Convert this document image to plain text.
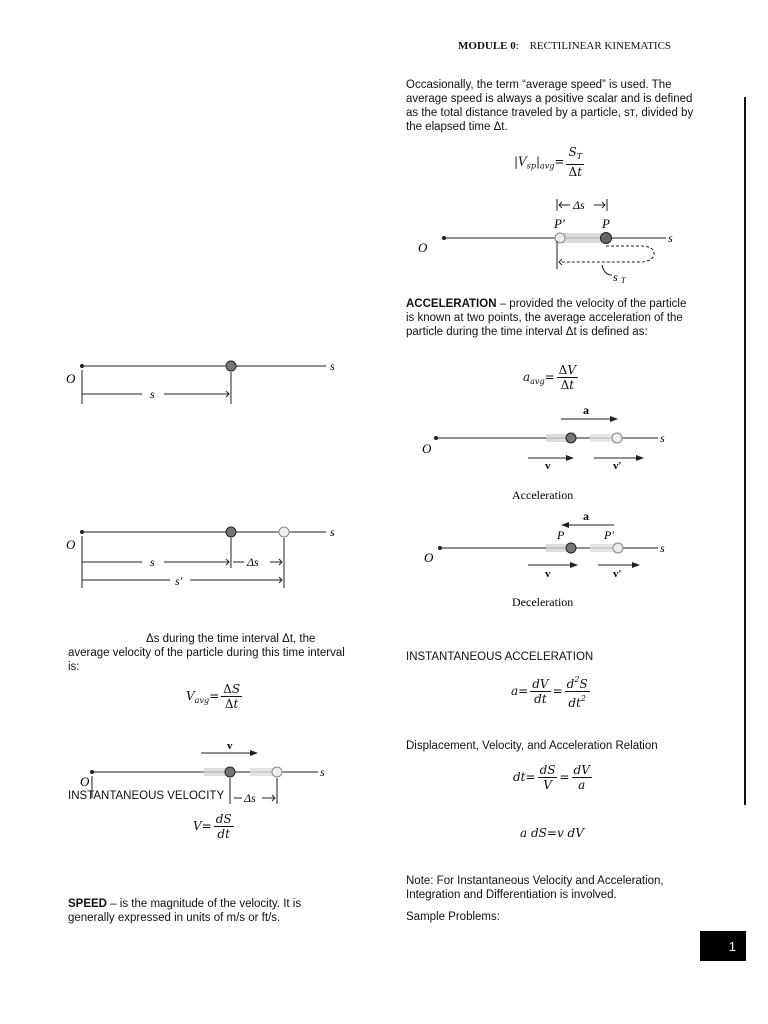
MODULE 0: RECTILINEAR KINEMATICS
Occasionally, the term “average speed” is used. The average speed is always a positive scalar and is defined as the total distance traveled by a particle, sᴛ, divided by the elapsed time Δt.
$|V_{sp}|_{avg}= \frac{S_T}{\Delta t}$
O
s
P′	P
Δs
s T
ACCELERATION – provided the velocity of the particle is known at two points, the average acceleration of the particle during the time interval Δt is defined as:
$a_{avg}= \frac{\Delta V}{\Delta t}$
a
O
s
v	v′
Acceleration
a
P	P′
O
s
v	v′
Deceleration
O
s
s
O
s
s	Δs
s′
Δs during the time interval Δt, the average velocity of the particle during this time interval is:
$V_{avg}= \frac{\Delta S}{\Delta t}$
v
O
s
Δs
INSTANTANEOUS VELOCITY
$V= \frac{dS}{dt}$
SPEED – is the magnitude of the velocity. It is generally expressed in units of m/s or ft/s.
INSTANTANEOUS ACCELERATION
$a= \frac{dV}{dt} = \frac{d^2S}{dt^2}$
Displacement, Velocity, and Acceleration Relation
$dt= \frac{dS}{V} = \frac{dV}{a}$
a dS=v dV
Note: For Instantaneous Velocity and Acceleration, Integration and Differentiation is involved.
Sample Problems:
1
